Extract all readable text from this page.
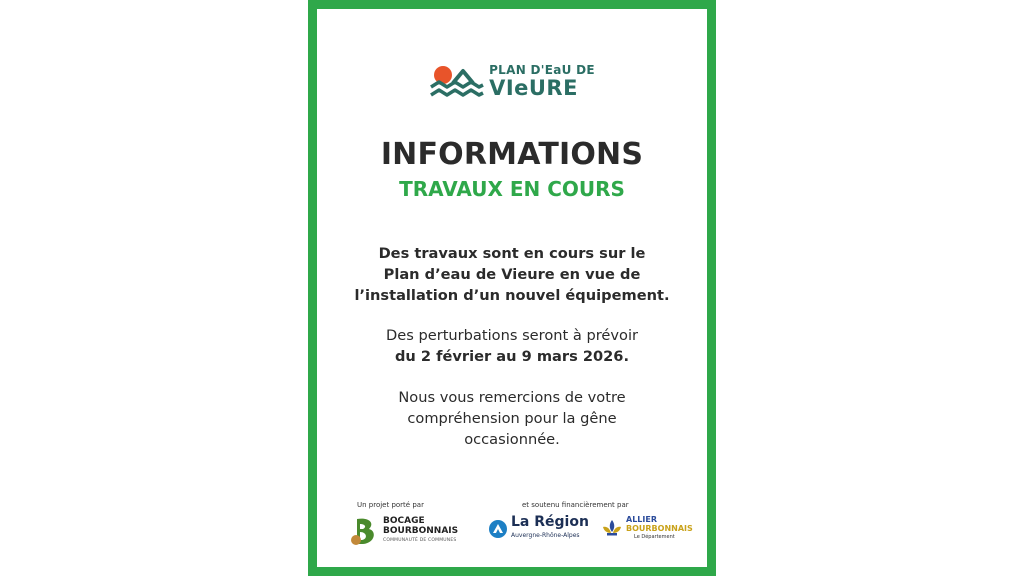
PLAN D'EaU DE
VIeURE
INFORMATIONS
TRAVAUX EN COURS
Des travaux sont en cours sur le
Plan d’eau de Vieure en vue de
l’installation d’un nouvel équipement.
Des perturbations seront à prévoir
du 2 février au 9 mars 2026.
Nous vous remercions de votre
compréhension pour la gêne
occasionnée.
Un projet porté par	et soutenu financièrement par
BOCAGE
BOURBONNAIS
COMMUNAUTÉ DE COMMUNES
La Région
Auvergne-Rhône-Alpes
ALLIER
BOURBONNAIS
Le Département
